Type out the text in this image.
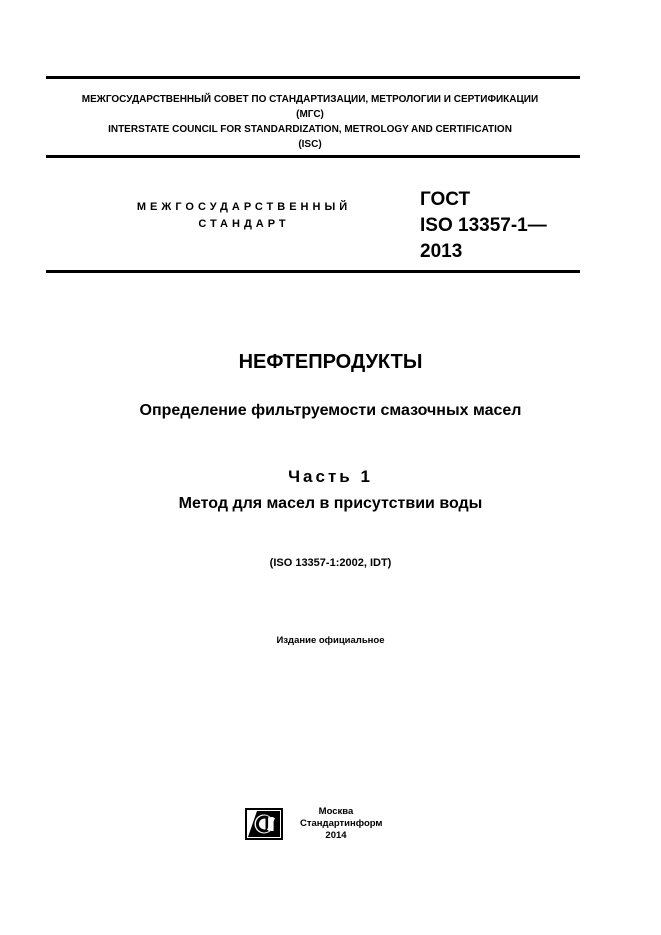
МЕЖГОСУДАРСТВЕННЫЙ СОВЕТ ПО СТАНДАРТИЗАЦИИ, МЕТРОЛОГИИ И СЕРТИФИКАЦИИ
(МГС)
INTERSTATE COUNCIL FOR STANDARDIZATION, METROLOGY AND CERTIFICATION
(ISC)
МЕЖГОСУДАРСТВЕННЫЙ
СТАНДАРТ
ГОСТ
ISO 13357-1—
2013
НЕФТЕПРОДУКТЫ
Определение фильтруемости смазочных масел
Часть 1
Метод для масел в присутствии воды
(ISO 13357-1:2002, IDT)
Издание официальное
Москва
Стандартинформ
2014
